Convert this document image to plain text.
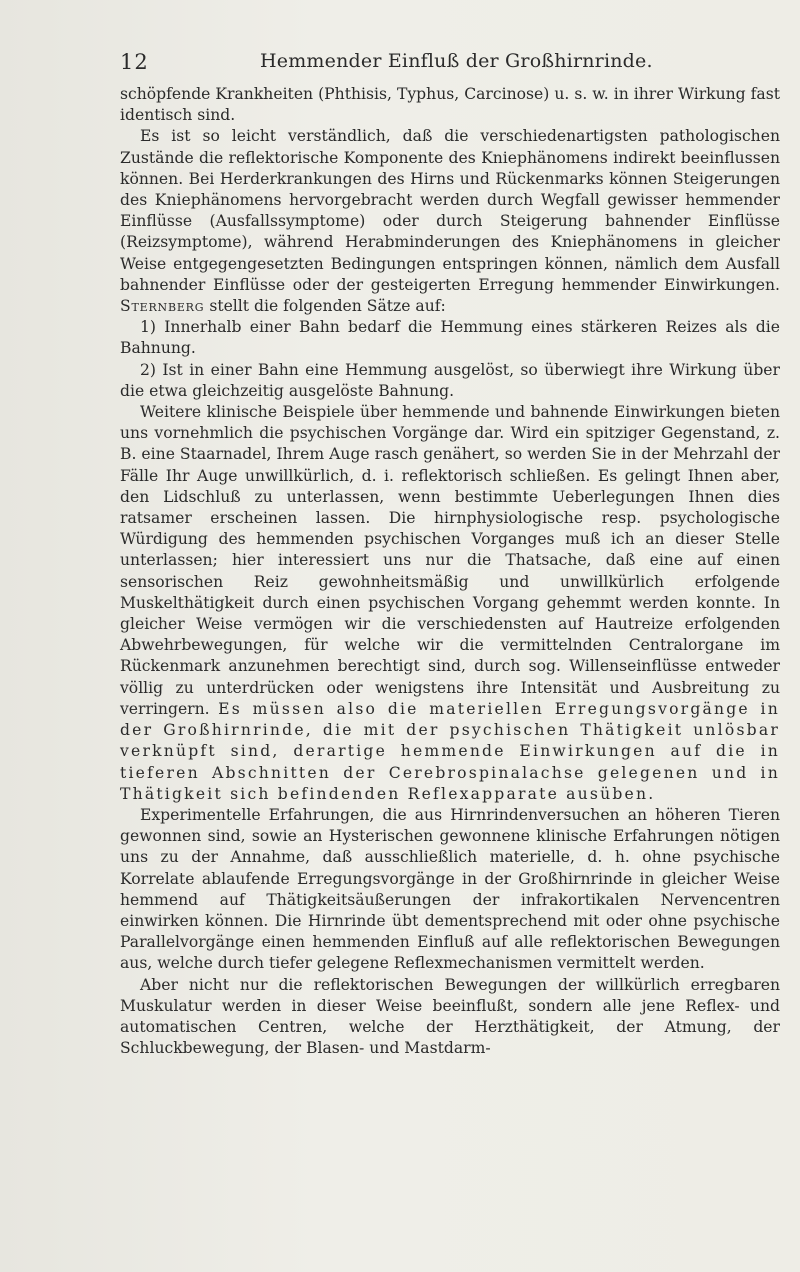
12	Hemmender Einfluß der Großhirnrinde.

schöpfende Krankheiten (Phthisis, Typhus, Carcinose) u. s. w. in ihrer Wirkung fast identisch sind.

Es ist so leicht verständlich, daß die verschiedenartigsten pathologischen Zustände die reflektorische Komponente des Kniephänomens indirekt beeinflussen können. Bei Herderkrankungen des Hirns und Rückenmarks können Steigerungen des Kniephänomens hervorgebracht werden durch Wegfall gewisser hemmender Einflüsse (Ausfallssymptome) oder durch Steigerung bahnender Einflüsse (Reizsymptome), während Herabminderungen des Kniephänomens in gleicher Weise entgegengesetzten Bedingungen entspringen können, nämlich dem Ausfall bahnender Einflüsse oder der gesteigerten Erregung hemmender Einwirkungen. Sternberg stellt die folgenden Sätze auf:

1) Innerhalb einer Bahn bedarf die Hemmung eines stärkeren Reizes als die Bahnung.

2) Ist in einer Bahn eine Hemmung ausgelöst, so überwiegt ihre Wirkung über die etwa gleichzeitig ausgelöste Bahnung.

Weitere klinische Beispiele über hemmende und bahnende Einwirkungen bieten uns vornehmlich die psychischen Vorgänge dar. Wird ein spitziger Gegenstand, z. B. eine Staarnadel, Ihrem Auge rasch genähert, so werden Sie in der Mehrzahl der Fälle Ihr Auge unwillkürlich, d. i. reflektorisch schließen. Es gelingt Ihnen aber, den Lidschluß zu unterlassen, wenn bestimmte Ueberlegungen Ihnen dies ratsamer erscheinen lassen. Die hirnphysiologische resp. psychologische Würdigung des hemmenden psychischen Vorganges muß ich an dieser Stelle unterlassen; hier interessiert uns nur die Thatsache, daß eine auf einen sensorischen Reiz gewohnheitsmäßig und unwillkürlich erfolgende Muskelthätigkeit durch einen psychischen Vorgang gehemmt werden konnte. In gleicher Weise vermögen wir die verschiedensten auf Hautreize erfolgenden Abwehrbewegungen, für welche wir die vermittelnden Centralorgane im Rückenmark anzunehmen berechtigt sind, durch sog. Willenseinflüsse entweder völlig zu unterdrücken oder wenigstens ihre Intensität und Ausbreitung zu verringern. Es müssen also die materiellen Erregungsvorgänge in der Großhirnrinde, die mit der psychischen Thätigkeit unlösbar verknüpft sind, derartige hemmende Einwirkungen auf die in tieferen Abschnitten der Cerebrospinalachse gelegenen und in Thätigkeit sich befindenden Reflexapparate ausüben.

Experimentelle Erfahrungen, die aus Hirnrindenversuchen an höheren Tieren gewonnen sind, sowie an Hysterischen gewonnene klinische Erfahrungen nötigen uns zu der Annahme, daß ausschließlich materielle, d. h. ohne psychische Korrelate ablaufende Erregungsvorgänge in der Großhirnrinde in gleicher Weise hemmend auf Thätigkeitsäußerungen der infrakortikalen Nervencentren einwirken können. Die Hirnrinde übt dementsprechend mit oder ohne psychische Parallelvorgänge einen hemmenden Einfluß auf alle reflektorischen Bewegungen aus, welche durch tiefer gelegene Reflexmechanismen vermittelt werden.

Aber nicht nur die reflektorischen Bewegungen der willkürlich erregbaren Muskulatur werden in dieser Weise beeinflußt, sondern alle jene Reflex- und automatischen Centren, welche der Herzthätigkeit, der Atmung, der Schluckbewegung, der Blasen- und Mastdarm-
